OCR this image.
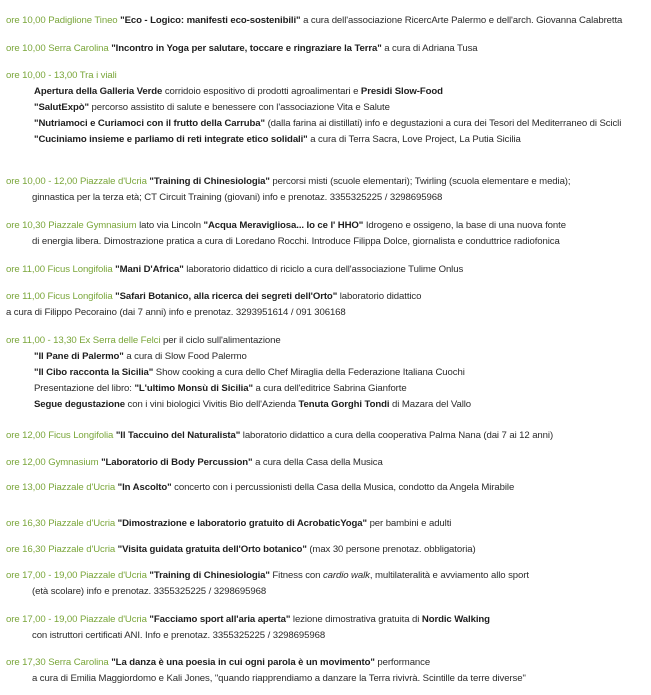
ore 10,00 Padiglione Tineo "Eco - Logico: manifesti eco-sostenibili" a cura dell'associazione RicercArte Palermo e dell'arch. Giovanna Calabretta
ore 10,00 Serra Carolina "Incontro in Yoga per salutare, toccare e ringraziare la Terra" a cura di Adriana Tusa
ore 10,00 - 13,00 Tra i viali
Apertura della Galleria Verde corridoio espositivo di prodotti agroalimentari e Presidi Slow-Food
"SalutExpò" percorso assistito di salute e benessere con l'associazione Vita e Salute
"Nutriamoci e Curiamoci con il frutto della Carruba" (dalla farina ai distillati) info e degustazioni a cura dei Tesori del Mediterraneo di Scicli
"Cuciniamo insieme e parliamo di reti integrate etico solidali" a cura di Terra Sacra, Love Project, La Putia Sicilia
ore 10,00 - 12,00 Piazzale d'Ucria "Training di Chinesiologia" percorsi misti (scuole elementari); Twirling (scuola elementare e media);
ginnastica per la terza età; CT Circuit Training (giovani) info e prenotaz. 3355325225 / 3298695968
ore 10,30 Piazzale Gymnasium lato via Lincoln "Acqua Meravigliosa... Io ce l' HHO" Idrogeno e ossigeno, la base di una nuova fonte
di energia libera. Dimostrazione pratica a cura di Loredano Rocchi. Introduce Filippa Dolce, giornalista e conduttrice radiofonica
ore 11,00 Ficus Longifolia "Mani D'Africa" laboratorio didattico di riciclo a cura dell'associazione Tulime Onlus
ore 11,00 Ficus Longifolia "Safari Botanico, alla ricerca dei segreti dell'Orto" laboratorio didattico
a cura di Filippo Pecoraino (dai 7 anni) info e prenotaz. 3293951614 / 091 306168
ore 11,00 - 13,30 Ex Serra delle Felci per il ciclo sull'alimentazione
"Il Pane di Palermo" a cura di Slow Food Palermo
"Il Cibo racconta la Sicilia" Show cooking a cura dello Chef Miraglia della Federazione Italiana Cuochi
Presentazione del libro: "L'ultimo Monsù di Sicilia" a cura dell'editrice Sabrina Gianforte
Segue degustazione con i vini biologici Vivitis Bio dell'Azienda Tenuta Gorghi Tondi di Mazara del Vallo
ore 12,00 Ficus Longifolia "Il Taccuino del Naturalista" laboratorio didattico a cura della cooperativa Palma Nana (dai 7 ai 12 anni)
ore 12,00 Gymnasium "Laboratorio di Body Percussion" a cura della Casa della Musica
ore 13,00 Piazzale d'Ucria "In Ascolto" concerto con i percussionisti della Casa della Musica, condotto da Angela Mirabile
ore 16,30 Piazzale d'Ucria "Dimostrazione e laboratorio gratuito di AcrobaticYoga" per bambini e adulti
ore 16,30 Piazzale d'Ucria "Visita guidata gratuita dell'Orto botanico" (max 30 persone prenotaz. obbligatoria)
ore 17,00 - 19,00 Piazzale d'Ucria "Training di Chinesiologia" Fitness con cardio walk, multilateralità e avviamento allo sport
(età scolare) info e prenotaz. 3355325225 / 3298695968
ore 17,00 - 19,00 Piazzale d'Ucria "Facciamo sport all'aria aperta" lezione dimostrativa gratuita di Nordic Walking
con istruttori certificati ANI. Info e prenotaz. 3355325225 / 3298695968
ore 17,30 Serra Carolina "La danza è una poesia in cui ogni parola è un movimento" performance
a cura di Emilia Maggiordomo e Kali Jones, "quando riapprendiamo a danzare la Terra rivivrà. Scintille da terre diverse"
